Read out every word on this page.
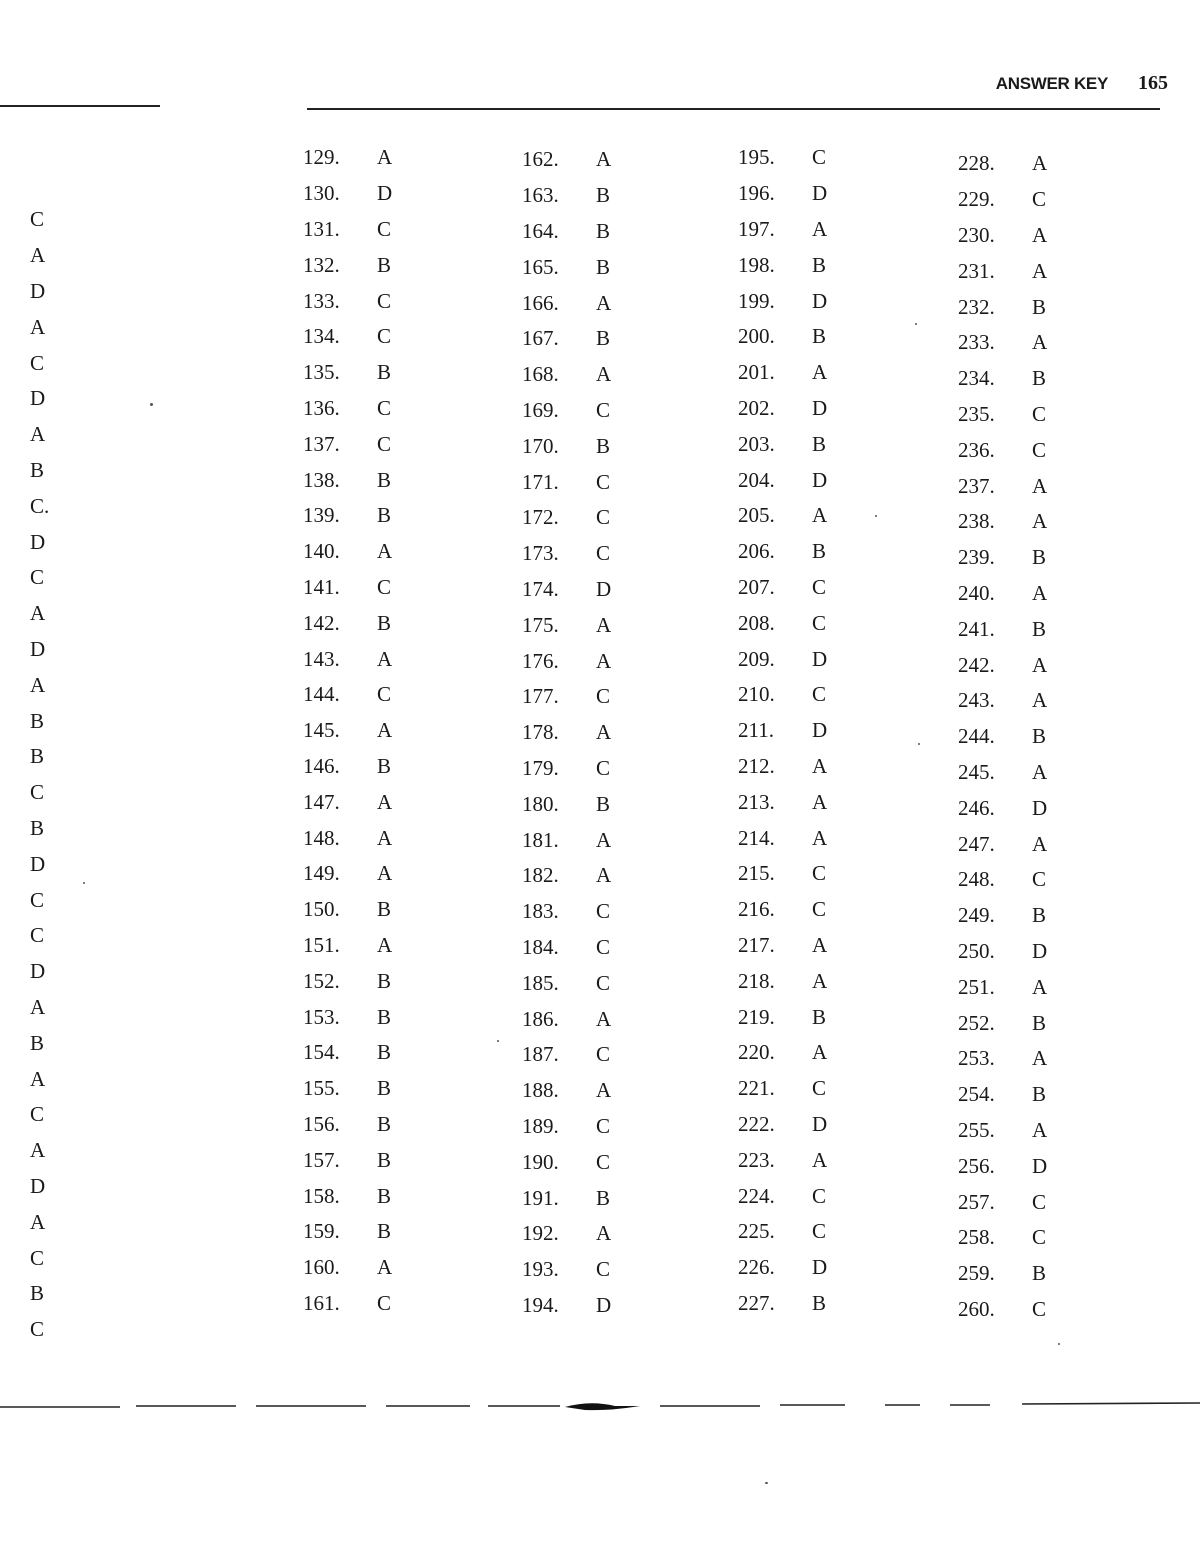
ANSWER KEY 165
C
A
D
A
C
D
A
B
C.
D
C
A
D
A
B
B
C
B
D
C
C
D
A
B
A
C
A
D
A
C
B
C
129.	A
130.	D
131.	C
132.	B
133.	C
134.	C
135.	B
136.	C
137.	C
138.	B
139.	B
140.	A
141.	C
142.	B
143.	A
144.	C
145.	A
146.	B
147.	A
148.	A
149.	A
150.	B
151.	A
152.	B
153.	B
154.	B
155.	B
156.	B
157.	B
158.	B
159.	B
160.	A
161.	C
162.	A
163.	B
164.	B
165.	B
166.	A
167.	B
168.	A
169.	C
170.	B
171.	C
172.	C
173.	C
174.	D
175.	A
176.	A
177.	C
178.	A
179.	C
180.	B
181.	A
182.	A
183.	C
184.	C
185.	C
186.	A
187.	C
188.	A
189.	C
190.	C
191.	B
192.	A
193.	C
194.	D
195.	C
196.	D
197.	A
198.	B
199.	D
200.	B
201.	A
202.	D
203.	B
204.	D
205.	A
206.	B
207.	C
208.	C
209.	D
210.	C
211.	D
212.	A
213.	A
214.	A
215.	C
216.	C
217.	A
218.	A
219.	B
220.	A
221.	C
222.	D
223.	A
224.	C
225.	C
226.	D
227.	B
228.	A
229.	C
230.	A
231.	A
232.	B
233.	A
234.	B
235.	C
236.	C
237.	A
238.	A
239.	B
240.	A
241.	B
242.	A
243.	A
244.	B
245.	A
246.	D
247.	A
248.	C
249.	B
250.	D
251.	A
252.	B
253.	A
254.	B
255.	A
256.	D
257.	C
258.	C
259.	B
260.	C
